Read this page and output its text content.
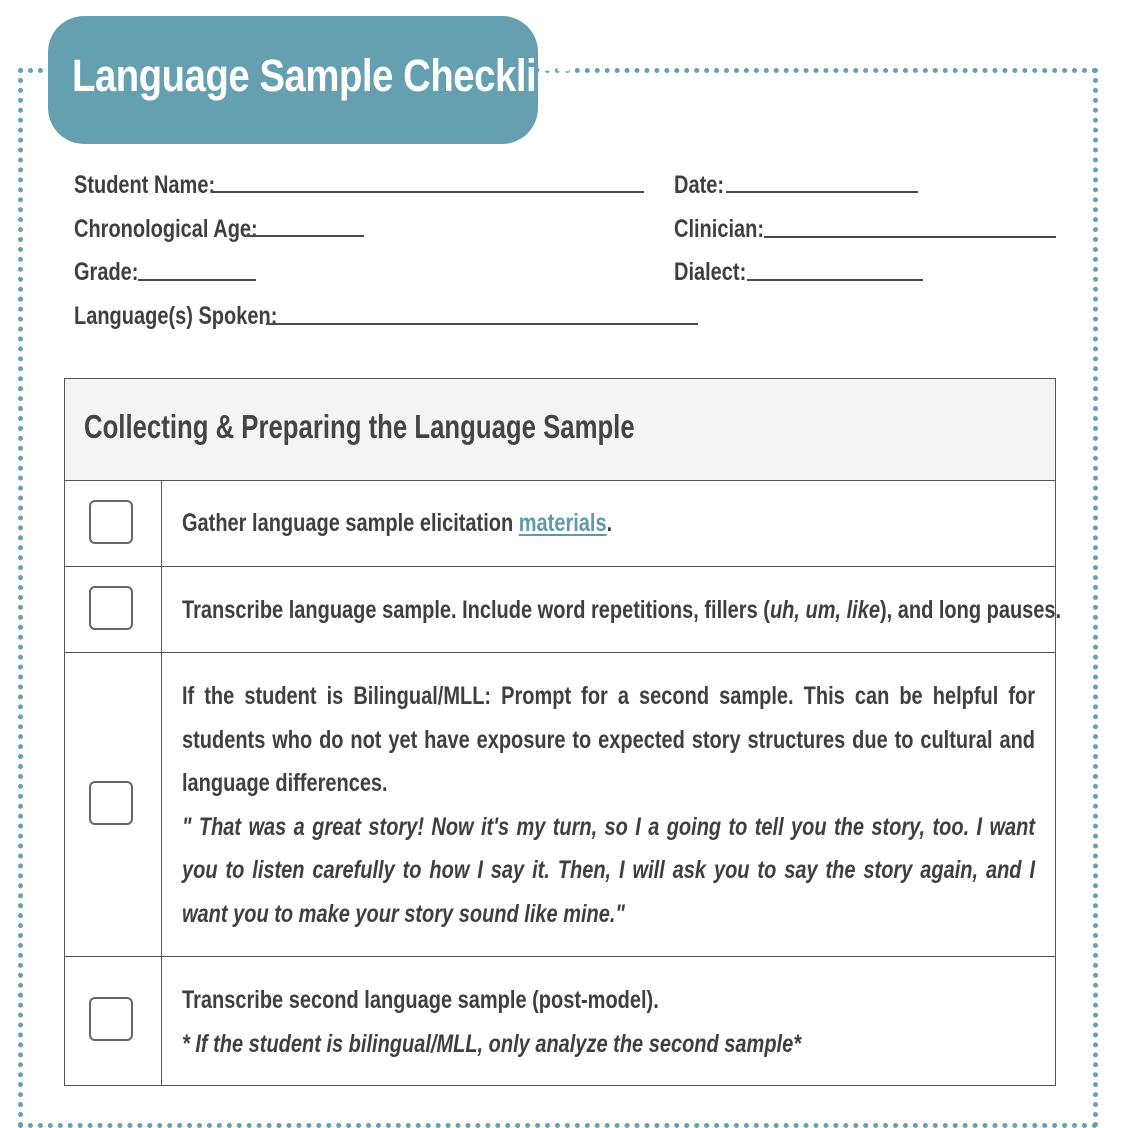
Language Sample Checklist
Student Name:
Chronological Age:
Grade:
Language(s) Spoken:
Date:
Clinician:
Dialect:
Collecting & Preparing the Language Sample
Gather language sample elicitation materials.
Transcribe language sample. Include word repetitions, fillers (uh, um, like), and long pauses.
If the student is Bilingual/MLL: Prompt for a second sample. This can be helpful for students who do not yet have exposure to expected story structures due to cultural and language differences.
" That was a great story! Now it's my turn, so I a going to tell you the story, too. I want you to listen carefully to how I say it. Then, I will ask you to say the story again, and I want you to make your story sound like mine."
Transcribe second language sample (post-model).
* If the student is bilingual/MLL, only analyze the second sample*
